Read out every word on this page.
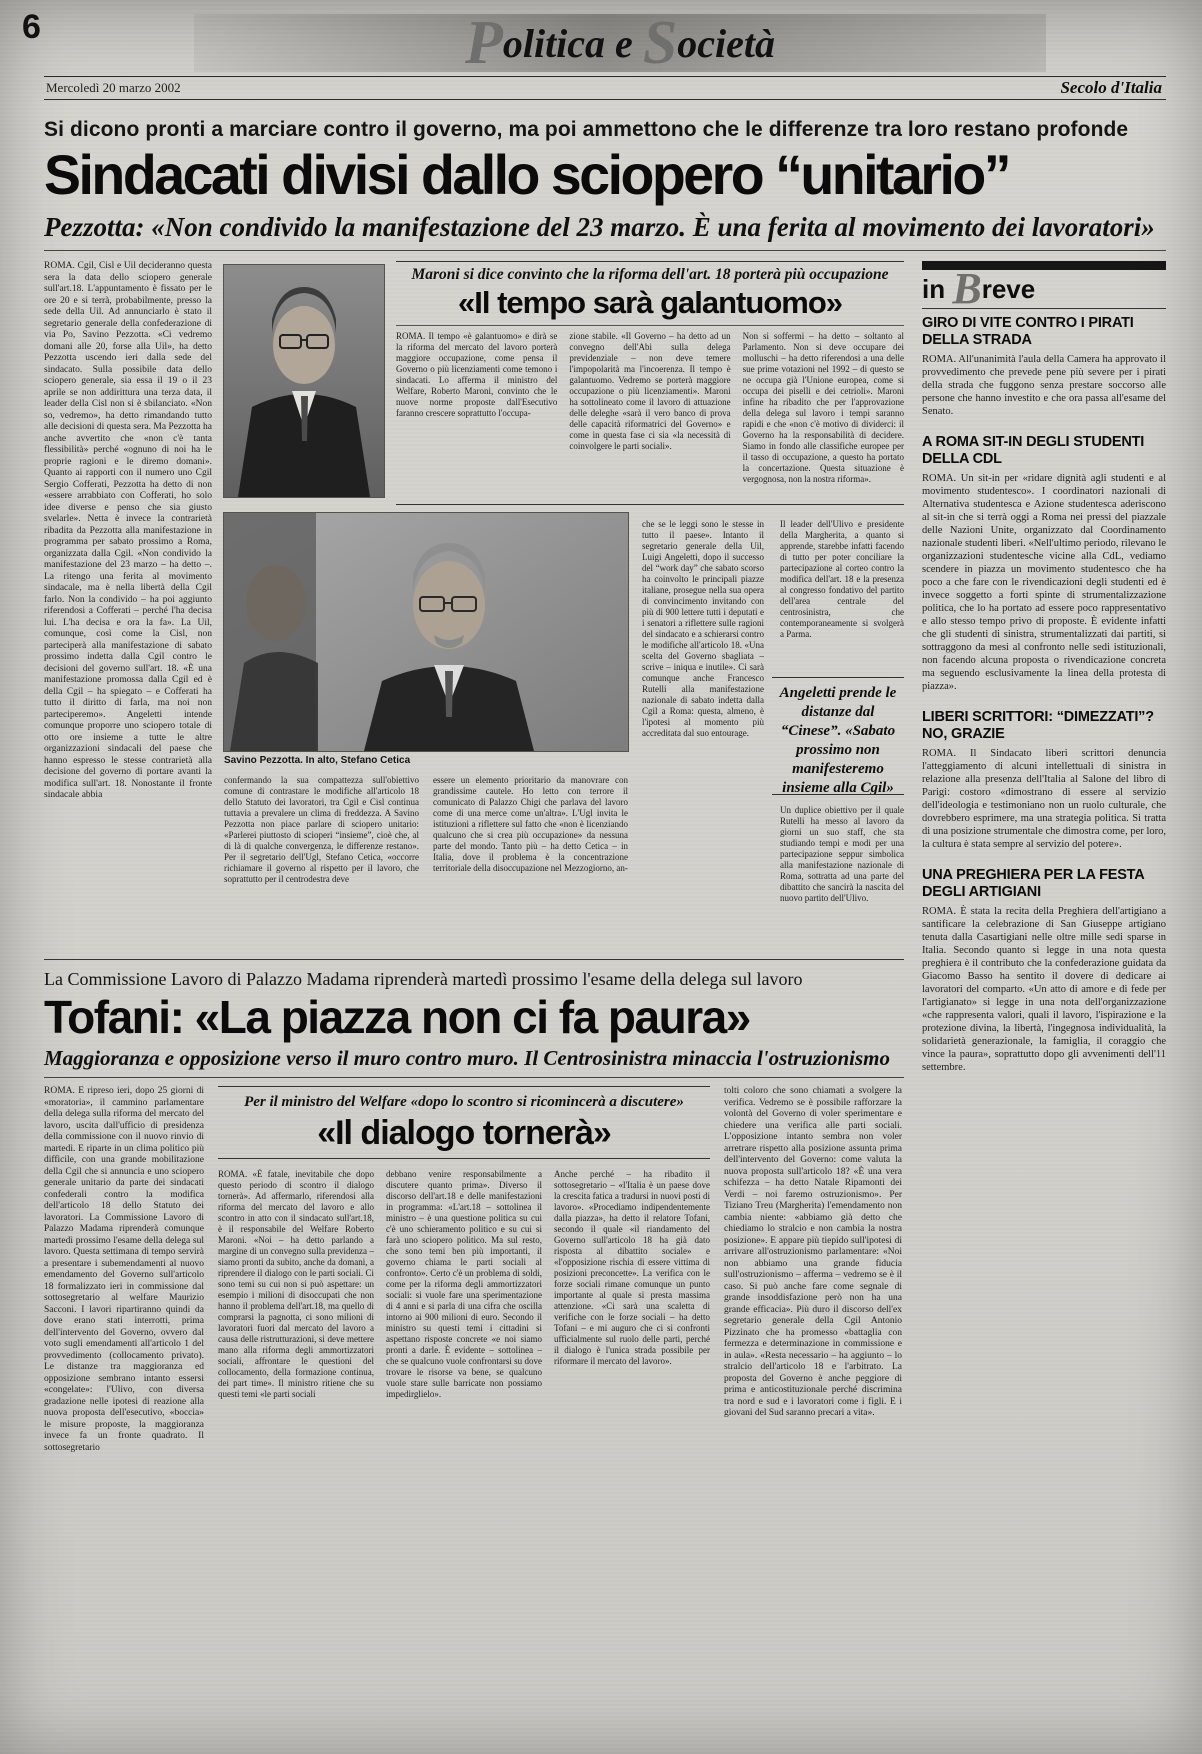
6	Politica e Società
Mercoledì 20 marzo 2002	Secolo d'Italia
Si dicono pronti a marciare contro il governo, ma poi ammettono che le differenze tra loro restano profonde
Sindacati divisi dallo sciopero “unitario”
Pezzotta: «Non condivido la manifestazione del 23 marzo. È una ferita al movimento dei lavoratori»
ROMA. Cgil, Cisl e Uil decideranno questa sera la data dello sciopero generale sull'art.18. L'appuntamento è fissato per le ore 20 e si terrà, probabilmente, presso la sede della Uil. Ad annunciarlo è stato il segretario generale della confederazione di via Po, Savino Pezzotta. «Ci vedremo domani alle 20, forse alla Uil», ha detto Pezzotta uscendo ieri dalla sede del sindacato. Sulla possibile data dello sciopero generale, sia essa il 19 o il 23 aprile se non addirittura una terza data, il leader della Cisl non si è sbilanciato. «Non so, vedremo», ha detto rimandando tutto alle decisioni di questa sera. Ma Pezzotta ha anche avvertito che «non c'è tanta flessibilità» perché «ognuno di noi ha le proprie ragioni e le diremo domani». Quanto ai rapporti con il numero uno Cgil Sergio Cofferati, Pezzotta ha detto di non «essere arrabbiato con Cofferati, ho solo idee diverse e penso che sia giusto svelarle». Netta è invece la contrarietà ribadita da Pezzotta alla manifestazione in programma per sabato prossimo a Roma, organizzata dalla Cgil. «Non condivido la manifestazione del 23 marzo – ha detto –. La ritengo una ferita al movimento sindacale, ma è nella libertà della Cgil farlo. Non la condivido – ha poi aggiunto riferendosi a Cofferati – perché l'ha decisa lui. L'ha decisa e ora la fa». La Uil, comunque, così come la Cisl, non parteciperà alla manifestazione di sabato prossimo indetta dalla Cgil contro le decisioni del governo sull'art. 18. «È una manifestazione promossa dalla Cgil ed è della Cgil – ha spiegato – e Cofferati ha tutto il diritto di farla, ma noi non parteciperemo». Angeletti intende comunque proporre uno sciopero totale di otto ore insieme a tutte le altre organizzazioni sindacali del paese che hanno espresso le stesse contrarietà alla decisione del governo di portare avanti la modifica sull'art. 18. Nonostante il fronte sindacale abbia
Maroni si dice convinto che la riforma dell'art. 18 porterà più occupazione
«Il tempo sarà galantuomo»
ROMA. Il tempo «è galantuomo» e dirà se la riforma del mercato del lavoro porterà maggiore occupazione, come pensa il Governo o più licenziamenti come temono i sindacati. Lo afferma il ministro del Welfare, Roberto Maroni, convinto che le nuove norme proposte dall'Esecutivo faranno crescere soprattutto l'occupa-
zione stabile. «Il Governo – ha detto ad un convegno dell'Abi sulla delega previdenziale – non deve temere l'impopolarità ma l'incoerenza. Il tempo è galantuomo. Vedremo se porterà maggiore occupazione o più licenziamenti». Maroni ha sottolineato come il lavoro di attuazione delle deleghe «sarà il vero banco di prova delle capacità riformatrici del Governo» e come in questa fase ci sia «la necessità di coinvolgere le parti sociali».
Non si soffermi – ha detto – soltanto al Parlamento. Non si deve occupare dei molluschi – ha detto riferendosi a una delle sue prime votazioni nel 1992 – di questo se ne occupa già l'Unione europea, come si occupa dei piselli e dei cetrioli». Maroni infine ha ribadito che per l'approvazione della delega sul lavoro i tempi saranno rapidi e che «non c'è motivo di dividerci: il Governo ha la responsabilità di decidere. Siamo in fondo alle classifiche europee per il tasso di occupazione, a questo ha portato la concertazione. Questa situazione è vergognosa, non la nostra riforma».
Savino Pezzotta. In alto, Stefano Cetica
che se le leggi sono le stesse in tutto il paese». Intanto il segretario generale della Uil, Luigi Angeletti, dopo il successo del “work day” che sabato scorso ha coinvolto le principali piazze italiane, prosegue nella sua opera di convincimento invitando con più di 900 lettere tutti i deputati e i senatori a riflettere sulle ragioni del sindacato e a schierarsi contro le modifiche all'articolo 18. «Una scelta del Governo sbagliata – scrive – iniqua e inutile». Ci sarà comunque anche Francesco Rutelli alla manifestazione nazionale di sabato indetta dalla Cgil a Roma: questa, almeno, è l'ipotesi al momento più accreditata dal suo entourage.
Il leader dell'Ulivo e presidente della Margherita, a quanto si apprende, starebbe infatti facendo di tutto per poter conciliare la partecipazione al corteo contro la modifica dell'art. 18 e la presenza al congresso fondativo del partito dell'area centrale del centrosinistra, che contemporaneamente si svolgerà a Parma.
Angeletti prende le distanze dal “Cinese”. «Sabato prossimo non manifesteremo insieme alla Cgil»
Un duplice obiettivo per il quale Rutelli ha messo al lavoro da giorni un suo staff, che sta studiando tempi e modi per una partecipazione seppur simbolica alla manifestazione nazionale di Roma, sottratta ad una parte del dibattito che sancirà la nascita del nuovo partito dell'Ulivo.
confermando la sua compattezza sull'obiettivo comune di contrastare le modifiche all'articolo 18 dello Statuto dei lavoratori, tra Cgil e Cisl continua tuttavia a prevalere un clima di freddezza. A Savino Pezzotta non piace parlare di sciopero unitario: «Parlerei piuttosto di scioperi “insieme”, cioè che, al di là di qualche convergenza, le differenze restano». Per il segretario dell'Ugl, Stefano Cetica, «occorre richiamare il governo al rispetto per il lavoro, che soprattutto per il centrodestra deve
essere un elemento prioritario da manovrare con grandissime cautele. Ho letto con terrore il comunicato di Palazzo Chigi che parlava del lavoro come di una merce come un'altra». L'Ugl invita le istituzioni a riflettere sul fatto che «non è licenziando qualcuno che si crea più occupazione» da nessuna parte del mondo. Tanto più – ha detto Cetica – in Italia, dove il problema è la concentrazione territoriale della disoccupazione nel Mezzogiorno, an-
La Commissione Lavoro di Palazzo Madama riprenderà martedì prossimo l'esame della delega sul lavoro
Tofani: «La piazza non ci fa paura»
Maggioranza e opposizione verso il muro contro muro. Il Centrosinistra minaccia l'ostruzionismo
ROMA. È ripreso ieri, dopo 25 giorni di «moratoria», il cammino parlamentare della delega sulla riforma del mercato del lavoro, uscita dall'ufficio di presidenza della commissione con il nuovo rinvio di martedì. E riparte in un clima politico più difficile, con una grande mobilitazione della Cgil che si annuncia e uno sciopero generale unitario da parte dei sindacati confederali contro la modifica dell'articolo 18 dello Statuto dei lavoratori. La Commissione Lavoro di Palazzo Madama riprenderà comunque martedì prossimo l'esame della delega sul lavoro. Questa settimana di tempo servirà a presentare i subemendamenti al nuovo emendamento del Governo sull'articolo 18 formalizzato ieri in commissione dal sottosegretario al welfare Maurizio Sacconi. I lavori ripartiranno quindi da dove erano stati interrotti, prima dell'intervento del Governo, ovvero dal voto sugli emendamenti all'articolo 1 del provvedimento (collocamento privato). Le distanze tra maggioranza ed opposizione sembrano intanto essersi «congelate»: l'Ulivo, con diversa gradazione nelle ipotesi di reazione alla nuova proposta dell'esecutivo, «boccia» le misure proposte, la maggioranza invece fa un fronte quadrato. Il sottosegretario
Per il ministro del Welfare «dopo lo scontro si ricomincerà a discutere»
«Il dialogo tornerà»
ROMA. «È fatale, inevitabile che dopo questo periodo di scontro il dialogo tornerà». Ad affermarlo, riferendosi alla riforma del mercato del lavoro e allo scontro in atto con il sindacato sull'art.18, è il responsabile del Welfare Roberto Maroni. «Noi – ha detto parlando a margine di un convegno sulla previdenza – siamo pronti da subito, anche da domani, a riprendere il dialogo con le parti sociali. Ci sono temi su cui non si può aspettare: un esempio i milioni di disoccupati che non hanno il problema dell'art.18, ma quello di comprarsi la pagnotta, ci sono milioni di lavoratori fuori dal mercato del lavoro a causa delle ristrutturazioni, si deve mettere mano alla riforma degli ammortizzatori sociali, affrontare le questioni del collocamento, della formazione continua, dei part time». Il ministro ritiene che su questi temi «le parti sociali
debbano venire responsabilmente a discutere quanto prima». Diverso il discorso dell'art.18 e delle manifestazioni in programma: «L'art.18 – sottolinea il ministro – è una questione politica su cui c'è uno schieramento politico e su cui si farà uno sciopero politico. Ma sul resto, che sono temi ben più importanti, il governo chiama le parti sociali al confronto». Certo c'è un problema di soldi, come per la riforma degli ammortizzatori sociali: si vuole fare una sperimentazione di 4 anni e si parla di una cifra che oscilla intorno ai 900 milioni di euro. Secondo il ministro su questi temi i cittadini si aspettano risposte concrete «e noi siamo pronti a darle. È evidente – sottolinea – che se qualcuno vuole confrontarsi su dove trovare le risorse va bene, se qualcuno vuole stare sulle barricate non possiamo impedirglielo».
Anche perché – ha ribadito il sottosegretario – «l'Italia è un paese dove la crescita fatica a tradursi in nuovi posti di lavoro». «Procediamo indipendentemente dalla piazza», ha detto il relatore Tofani, secondo il quale «il riandamento del Governo sull'articolo 18 ha già dato risposta al dibattito sociale» e «l'opposizione rischia di essere vittima di posizioni preconcette». La verifica con le forze sociali rimane comunque un punto importante al quale si presta massima attenzione. «Ci sarà una scaletta di verifiche con le forze sociali – ha detto Tofani – e mi auguro che ci si confronti ufficialmente sul ruolo delle parti, perché il dialogo è l'unica strada possibile per riformare il mercato del lavoro».
tolti coloro che sono chiamati a svolgere la verifica. Vedremo se è possibile rafforzare la volontà del Governo di voler sperimentare e chiedere una verifica alle parti sociali. L'opposizione intanto sembra non voler arretrare rispetto alla posizione assunta prima dell'intervento del Governo: come valuta la nuova proposta sull'articolo 18? «È una vera schifezza – ha detto Natale Ripamonti dei Verdi – noi faremo ostruzionismo». Per Tiziano Treu (Margherita) l'emendamento non cambia niente: «abbiamo già detto che chiediamo lo stralcio e non cambia la nostra posizione». E appare più tiepido sull'ipotesi di arrivare all'ostruzionismo parlamentare: «Noi non abbiamo una grande fiducia sull'ostruzionismo – afferma – vedremo se è il caso. Si può anche fare come segnale di grande insoddisfazione però non ha una grande efficacia». Più duro il discorso dell'ex segretario generale della Cgil Antonio Pizzinato che ha promesso «battaglia con fermezza e determinazione in commissione e in aula». «Resta necessario – ha aggiunto – lo stralcio dell'articolo 18 e l'arbitrato. La proposta del Governo è anche peggiore di prima e anticostituzionale perché discrimina tra nord e sud e i lavoratori come i figli. E i giovani del Sud saranno precari a vita».
in Breve
GIRO DI VITE CONTRO I PIRATI DELLA STRADA
ROMA. All'unanimità l'aula della Camera ha approvato il provvedimento che prevede pene più severe per i pirati della strada che fuggono senza prestare soccorso alle persone che hanno investito e che ora passa all'esame del Senato.
A ROMA SIT-IN DEGLI STUDENTI DELLA CDL
ROMA. Un sit-in per «ridare dignità agli studenti e al movimento studentesco». I coordinatori nazionali di Alternativa studentesca e Azione studentesca aderiscono al sit-in che si terrà oggi a Roma nei pressi del piazzale delle Nazioni Unite, organizzato dal Coordinamento nazionale studenti liberi. «Nell'ultimo periodo, rilevano le organizzazioni studentesche vicine alla CdL, vediamo scendere in piazza un movimento studentesco che ha poco a che fare con le rivendicazioni degli studenti ed è invece soggetto a forti spinte di strumentalizzazione politica, che lo ha portato ad essere poco rappresentativo e allo stesso tempo privo di proposte. È evidente infatti che gli studenti di sinistra, strumentalizzati dai partiti, si sottraggono da mesi al confronto nelle sedi istituzionali, non facendo alcuna proposta o rivendicazione concreta ma seguendo esclusivamente la linea della protesta di piazza».
LIBERI SCRITTORI: “DIMEZZATI”? NO, GRAZIE
ROMA. Il Sindacato liberi scrittori denuncia l'atteggiamento di alcuni intellettuali di sinistra in relazione alla presenza dell'Italia al Salone del libro di Parigi: costoro «dimostrano di essere al servizio dell'ideologia e testimoniano non un ruolo culturale, che dovrebbero esprimere, ma una strategia politica. Si tratta di una posizione strumentale che dimostra come, per loro, la cultura è stata sempre al servizio del potere».
UNA PREGHIERA PER LA FESTA DEGLI ARTIGIANI
ROMA. È stata la recita della Preghiera dell'artigiano a santificare la celebrazione di San Giuseppe artigiano tenuta dalla Casartigiani nelle oltre mille sedi sparse in Italia. Secondo quanto si legge in una nota questa preghiera è il contributo che la confederazione guidata da Giacomo Basso ha sentito il dovere di dedicare ai lavoratori del comparto. «Un atto di amore e di fede per l'artigianato» si legge in una nota dell'organizzazione «che rappresenta valori, quali il lavoro, l'ispirazione e la protezione divina, la libertà, l'ingegnosa individualità, la solidarietà generazionale, la famiglia, il coraggio che vince la paura», soprattutto dopo gli avvenimenti dell'11 settembre.
